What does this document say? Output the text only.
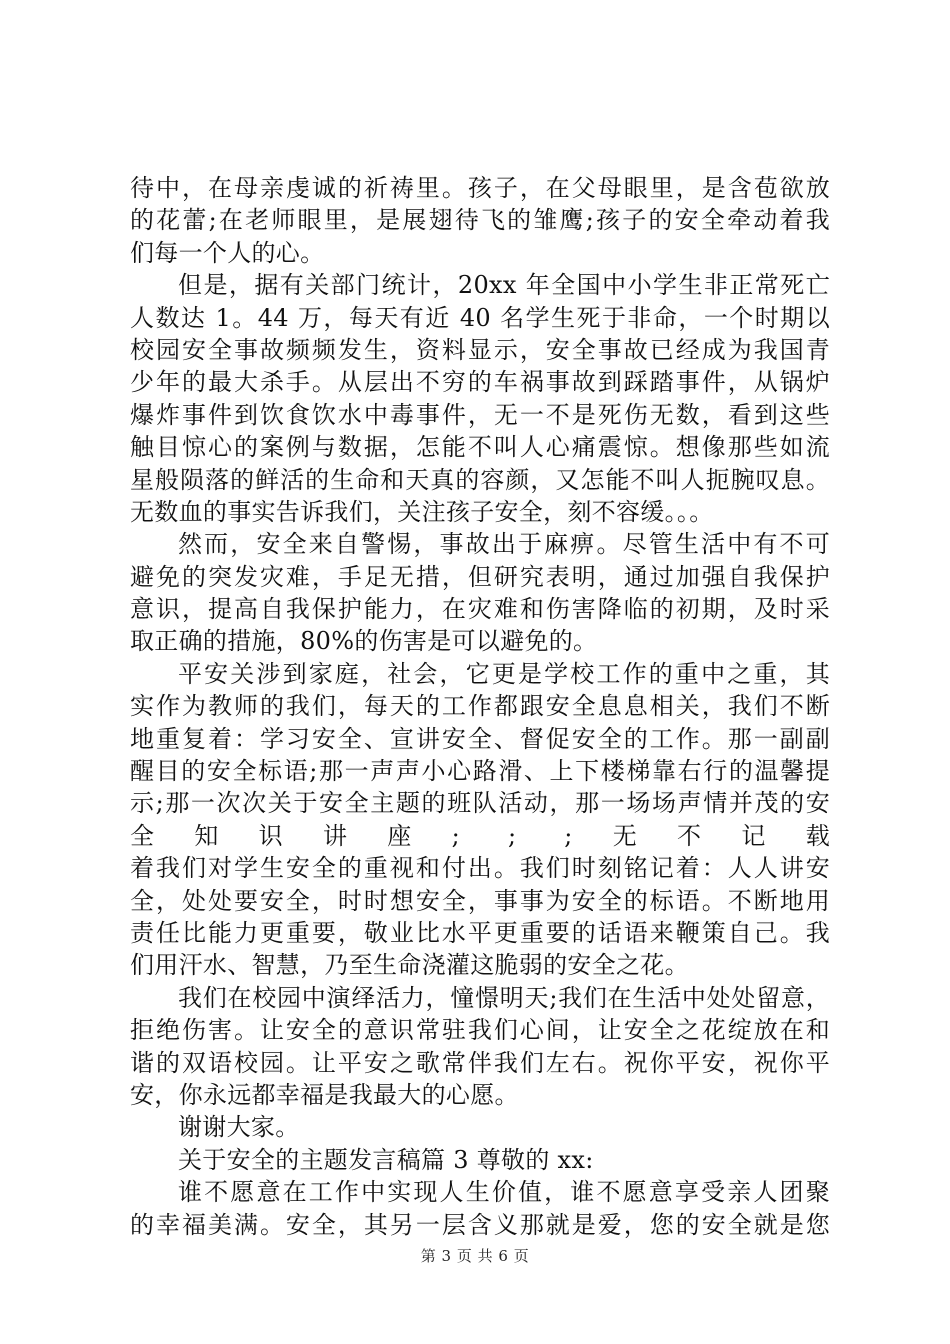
待中，在母亲虔诚的祈祷里。孩子，在父母眼里，是含苞欲放
的花蕾;在老师眼里，是展翅待飞的雏鹰;孩子的安全牵动着我
们每一个人的心。
但是，据有关部门统计，20xx 年全国中小学生非正常死亡
人数达 1。44 万，每天有近 40 名学生死于非命，一个时期以
校园安全事故频频发生，资料显示，安全事故已经成为我国青
少年的最大杀手。从层出不穷的车祸事故到踩踏事件，从锅炉
爆炸事件到饮食饮水中毒事件，无一不是死伤无数，看到这些
触目惊心的案例与数据，怎能不叫人心痛震惊。想像那些如流
星般陨落的鲜活的生命和天真的容颜，又怎能不叫人扼腕叹息。
无数血的事实告诉我们，关注孩子安全，刻不容缓。。。
然而，安全来自警惕，事故出于麻痹。尽管生活中有不可
避免的突发灾难，手足无措，但研究表明，通过加强自我保护
意识，提高自我保护能力，在灾难和伤害降临的初期，及时采
取正确的措施，80%的伤害是可以避免的。
平安关涉到家庭，社会，它更是学校工作的重中之重，其
实作为教师的我们，每天的工作都跟安全息息相关，我们不断
地重复着：学习安全、宣讲安全、督促安全的工作。那一副副
醒目的安全标语;那一声声小心路滑、上下楼梯靠右行的温馨提
示;那一次次关于安全主题的班队活动，那一场场声情并茂的安
全知识讲座; ; ;无不记载
着我们对学生安全的重视和付出。我们时刻铭记着：人人讲安
全，处处要安全，时时想安全，事事为安全的标语。不断地用
责任比能力更重要，敬业比水平更重要的话语来鞭策自己。我
们用汗水、智慧，乃至生命浇灌这脆弱的安全之花。
我们在校园中演绎活力，憧憬明天;我们在生活中处处留意，
拒绝伤害。让安全的意识常驻我们心间，让安全之花绽放在和
谐的双语校园。让平安之歌常伴我们左右。祝你平安，祝你平
安，你永远都幸福是我最大的心愿。
谢谢大家。
关于安全的主题发言稿篇 3 尊敬的 xx:
谁不愿意在工作中实现人生价值，谁不愿意享受亲人团聚
的幸福美满。安全，其另一层含义那就是爱，您的安全就是您
第 3 页 共 6 页
